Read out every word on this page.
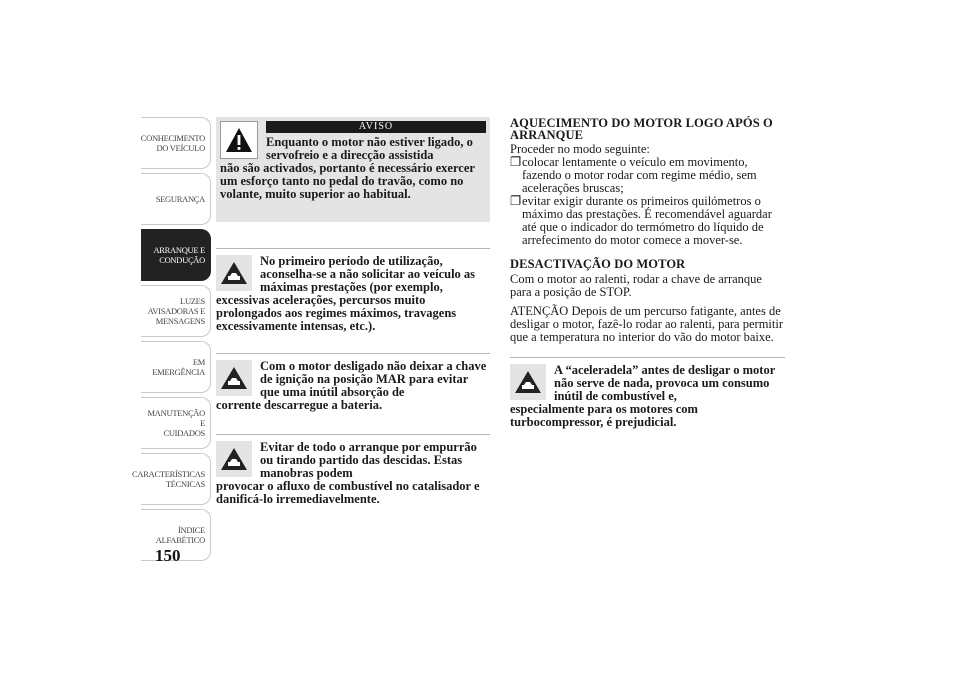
CONHECIMENTO
DO VEÍCULO
SEGURANÇA
ARRANQUE E
CONDUÇÃO
LUZES
AVISADORAS E
MENSAGENS
EM EMERGÊNCIA
MANUTENÇÃO E
CUIDADOS
CARACTERÍSTICAS
TÉCNICAS
ÍNDICE
ALFABÉTICO
150
AVISO
Enquanto o motor não estiver ligado, o servofreio e a direcção assistida
não são activados, portanto é necessário exercer um esforço tanto no pedal do travão, como no volante, muito superior ao habitual.
No primeiro período de utilização, aconselha-se a não solicitar ao veículo as máximas prestações (por exemplo,
excessivas acelerações, percursos muito prolongados aos regimes máximos, travagens excessivamente intensas, etc.).
Com o motor desligado não deixar a chave de ignição na posição MAR para evitar que uma inútil absorção de
corrente descarregue a bateria.
Evitar de todo o arranque por empurrão ou tirando partido das descidas. Estas manobras podem
provocar o afluxo de combustível no catalisador e danificá-lo irremediavelmente.
AQUECIMENTO DO MOTOR LOGO APÓS O ARRANQUE
Proceder no modo seguinte:
❐ colocar lentamente o veículo em movimento, fazendo o motor rodar com regime médio, sem acelerações bruscas;
❐ evitar exigir durante os primeiros quilómetros o máximo das prestações. É recomendável aguardar até que o indicador do termómetro do líquido de arrefecimento do motor comece a mover-se.
DESACTIVAÇÃO DO MOTOR
Com o motor ao ralenti, rodar a chave de arranque para a posição de STOP.
ATENÇÃO Depois de um percurso fatigante, antes de desligar o motor, fazê-lo rodar ao ralenti, para permitir que a temperatura no interior do vão do motor baixe.
A “aceleradela” antes de desligar o motor não serve de nada, provoca um consumo inútil de combustível e,
especialmente para os motores com turbocompressor, é prejudicial.
